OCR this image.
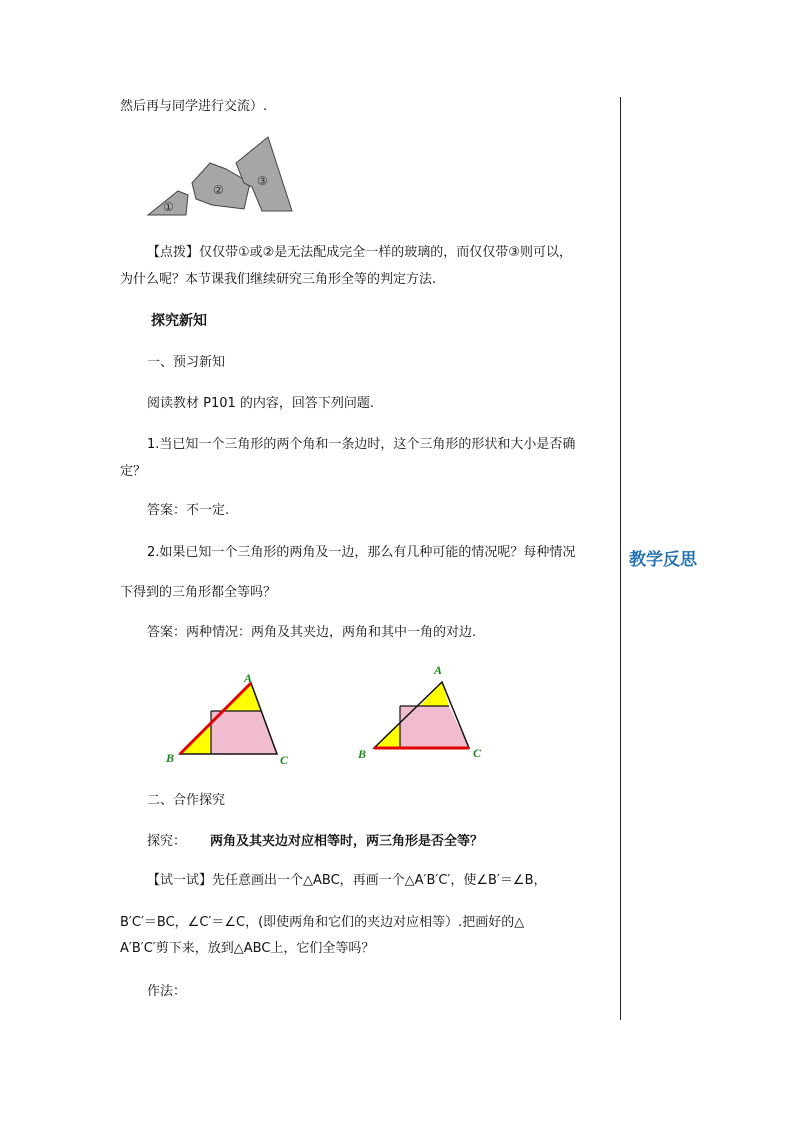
教学反思
然后再与同学进行交流）.
①
②
③
【点拨】仅仅带①或②是无法配成完全一样的玻璃的，而仅仅带③则可以，
为什么呢？本节课我们继续研究三角形全等的判定方法.
探究新知
一、预习新知
阅读教材 P101 的内容，回答下列问题.
1.当已知一个三角形的两个角和一条边时，这个三角形的形状和大小是否确
定？
答案：不一定.
2.如果已知一个三角形的两角及一边，那么有几种可能的情况呢？每种情况
下得到的三角形都全等吗？
答案：两种情况：两角及其夹边，两角和其中一角的对边.
A
B	C
A
B	C
二、合作探究
探究： 两角及其夹边对应相等时，两三角形是否全等？
【试一试】先任意画出一个△ABC，再画一个△A′B′C′，使∠B′＝∠B，
B′C′＝BC，∠C′＝∠C，(即使两角和它们的夹边对应相等）.把画好的△
A′B′C′剪下来，放到△ABC上，它们全等吗？
作法：
